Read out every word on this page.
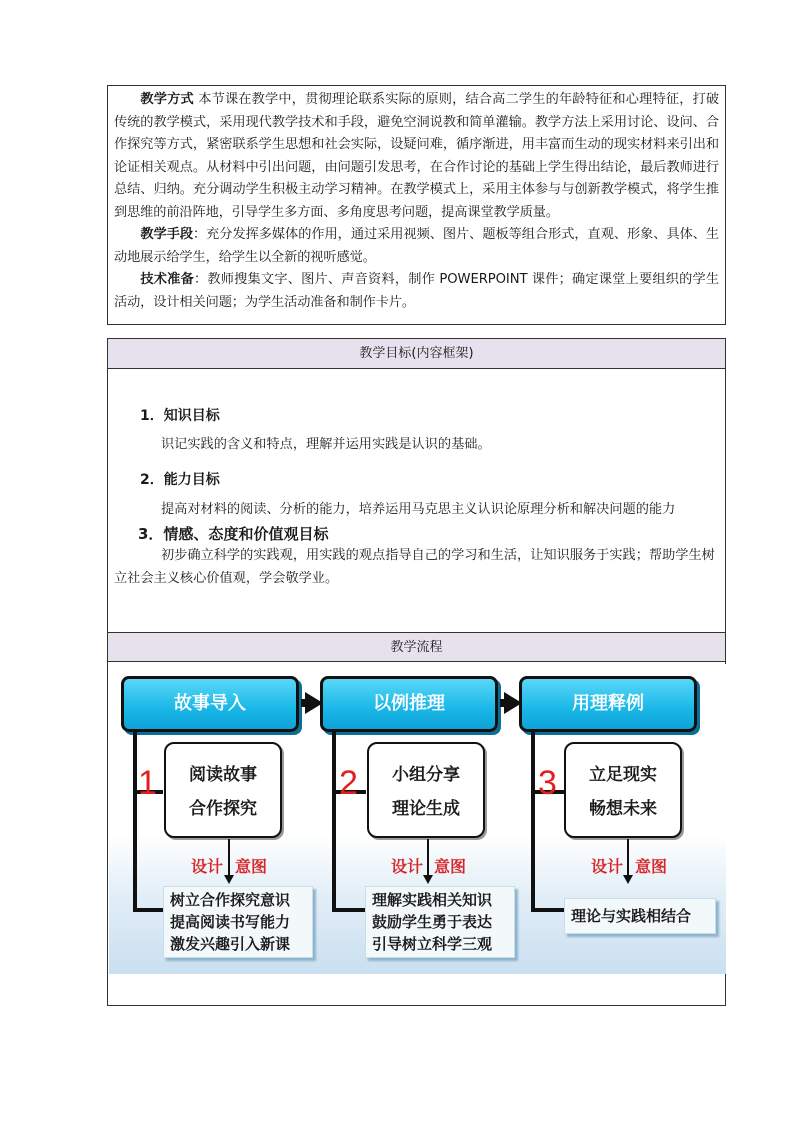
教学方式 本节课在教学中，贯彻理论联系实际的原则，结合高二学生的年龄特征和心理特征，打破传统的教学模式，采用现代教学技术和手段，避免空洞说教和简单灌输。教学方法上采用讨论、设问、合作探究等方式，紧密联系学生思想和社会实际，设疑问难，循序渐进，用丰富而生动的现实材料来引出和论证相关观点。从材料中引出问题，由问题引发思考，在合作讨论的基础上学生得出结论，最后教师进行总结、归纳。充分调动学生积极主动学习精神。在教学模式上，采用主体参与与创新教学模式，将学生推到思维的前沿阵地，引导学生多方面、多角度思考问题，提高课堂教学质量。

教学手段：充分发挥多媒体的作用，通过采用视频、图片、题板等组合形式，直观、形象、具体、生动地展示给学生，给学生以全新的视听感觉。

技术准备：教师搜集文字、图片、声音资料，制作 POWERPOINT 课件；确定课堂上要组织的学生活动，设计相关问题；为学生活动准备和制作卡片。

教学目标(内容框架)
1．知识目标
识记实践的含义和特点，理解并运用实践是认识的基础。
2．能力目标
提高对材料的阅读、分析的能力，培养运用马克思主义认识论原理分析和解决问题的能力
3．情感、态度和价值观目标
初步确立科学的实践观，用实践的观点指导自己的学习和生活，让知识服务于实践；帮助学生树立社会主义核心价值观，学会敬学业。
教学流程
故事导入	以例推理	用理释例
1	阅读故事
合作探究
设计 意图
树立合作探究意识
提高阅读书写能力
激发兴趣引入新课
2	小组分享
理论生成
设计 意图
理解实践相关知识
鼓励学生勇于表达
引导树立科学三观
3	立足现实
畅想未来
设计 意图
理论与实践相结合
